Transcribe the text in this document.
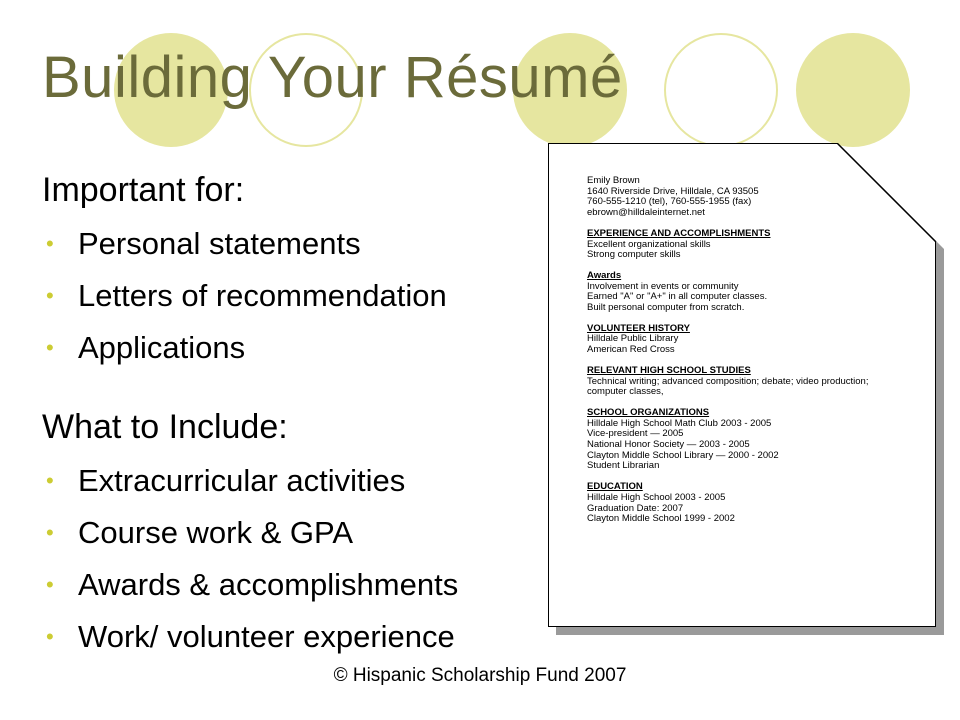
Building Your Résumé
Important for:
• Personal statements
• Letters of recommendation
• Applications
What to Include:
• Extracurricular activities
• Course work & GPA
• Awards & accomplishments
• Work/ volunteer experience
Emily Brown
1640 Riverside Drive, Hilldale, CA 93505
760-555-1210 (tel), 760-555-1955 (fax)
ebrown@hilldaleinternet.net
EXPERIENCE AND ACCOMPLISHMENTS
Excellent organizational skills
Strong computer skills
Awards
Involvement in events or community
Earned "A" or "A+" in all computer classes.
Built personal computer from scratch.
VOLUNTEER HISTORY
Hilldale Public Library
American Red Cross
RELEVANT HIGH SCHOOL STUDIES
Technical writing; advanced composition; debate; video production; computer classes,
SCHOOL ORGANIZATIONS
Hilldale High School Math Club 2003 - 2005
Vice-president — 2005
National Honor Society — 2003 - 2005
Clayton Middle School Library — 2000 - 2002
Student Librarian
EDUCATION
Hilldale High School 2003 - 2005
Graduation Date: 2007
Clayton Middle School 1999 - 2002
© Hispanic Scholarship Fund 2007
